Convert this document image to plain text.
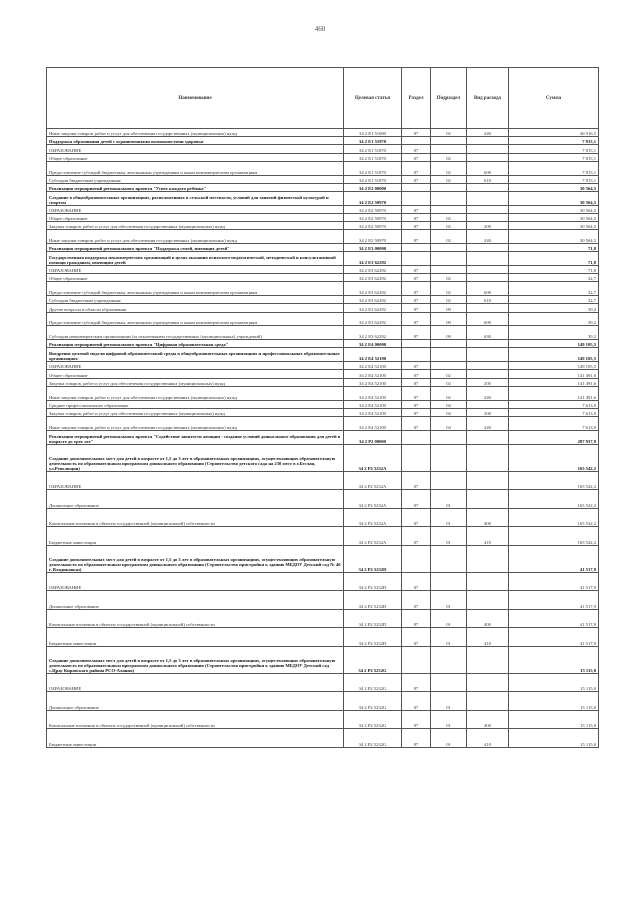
460
Наименование	Целевая статья	Раздел	Подраздел	Вид расхода	Сумма
Иные закупки товаров, работ и услуг для обеспечения государственных (муниципальных) нужд	34 2 Е1 51690	07	02	240	46 916,5
Поддержка образования детей с ограниченными возможностями здоровья	34 2 Е1 51870				7 815,1
ОБРАЗОВАНИЕ	34 2 Е1 51870	07			7 815,1
Общее образование	34 2 Е1 51870	07	02		7 815,1
Предоставление субсидий бюджетным, автономным учреждениям и иным некоммерческим организациям	34 2 Е1 51870	07	02	600	7 815,1
Субсидии бюджетным учреждениям	34 2 Е1 51870	07	02	610	7 815,1
Реализация мероприятий регионального проекта "Успех каждого ребенка"	34 2 Е2 00000				30 564,5
Создание в общеобразовательных организациях, расположенных в сельской местности, условий для занятий физической культурой и спортом	34 2 Е2 50970				30 564,5
ОБРАЗОВАНИЕ	34 2 Е2 50970	07			30 564,5
Общее образование	34 2 Е2 50970	07	02		30 564,5
Закупка товаров, работ и услуг для обеспечения государственных (муниципальных) нужд	34 2 Е2 50970	07	02	200	30 564,5
Иные закупки товаров, работ и услуг для обеспечения государственных (муниципальных) нужд	34 2 Е2 50970	07	02	240	30 564,5
Реализация мероприятий регионального проекта "Поддержка семей, имеющих детей"	34 2 Е3 00000				71,8
Государственная поддержка некоммерческих организаций в целях оказания психолого-педагогической, методической и консультативной помощи гражданам, имеющим детей	34 2 Е3 62292				71,8
ОБРАЗОВАНИЕ	34 2 Е3 62292	07			71,8
Общее образование	34 2 Е3 62292	07	02		32,7
Предоставление субсидий бюджетным, автономным учреждениям и иным некоммерческим организациям	34 2 Е3 62292	07	02	600	32,7
Субсидии бюджетным учреждениям	34 2 Е3 62292	07	02	610	32,7
Другие вопросы в области образования	34 2 Е3 62292	07	09		39,2
Предоставление субсидий бюджетным, автономным учреждениям и иным некоммерческим организациям	34 2 Е3 62292	07	09	600	39,2
Субсидии некоммерческим организациям (за исключением государственных (муниципальных) учреждений)	34 2 Е3 62292	07	09	630	39,2
Реализация мероприятий регионального проекта "Цифровая образовательная среда"	34 2 Е4 00000				149 105,5
Внедрение целевой модели цифровой образовательной среды в общеобразовательных организациях и профессиональных образовательных организациях	34 2 Е4 52100				149 105,5
ОБРАЗОВАНИЕ	34 2 Е4 52100	07			149 105,5
Общее образование	34 2 Е4 52100	07	02		141 491,6
Закупка товаров, работ и услуг для обеспечения государственных (муниципальных) нужд	34 2 Е4 52100	07	02	200	141 491,6
Иные закупки товаров, работ и услуг для обеспечения государственных (муниципальных) нужд	34 2 Е4 52100	07	02	240	141 491,6
Среднее профессиональное образование	34 2 Е4 52100	07	04		7 613,9
Закупка товаров, работ и услуг для обеспечения государственных (муниципальных) нужд	34 2 Е4 52100	07	04	200	7 613,9
Иные закупки товаров, работ и услуг для обеспечения государственных (муниципальных) нужд	34 2 Е4 52100	07	04	240	7 613,9
Реализация мероприятий регионального проекта "Содействие занятости женщин - создание условий дошкольного образования для детей в возрасте до трех лет"	34 2 Р2 00000				287 937,9
Создание дополнительных мест для детей в возрасте от 1,5 до 3 лет в образовательных организациях, осуществляющих образовательную деятельность по образовательным программам дошкольного образования (Строительство детского сада на 230 мест в г.Беслан, ул.Революции)	34 2 Р2 5232А				165 542,2
ОБРАЗОВАНИЕ	34 2 Р2 5232А	07			165 542,2
Дошкольное образование	34 2 Р2 5232А	07	01		165 542,2
Капитальные вложения в объекты государственной (муниципальной) собственности	34 2 Р2 5232А	07	01	400	165 542,2
Бюджетные инвестиции	34 2 Р2 5232А	07	01	410	165 542,2
Создание дополнительных мест для детей в возрасте от 1,5 до 3 лет в образовательных организациях, осуществляющих образовательную деятельность по образовательным программам дошкольного образования (Строительство пристройки к зданию МБДОУ Детский сад № 46 г. Владикавказ)	34 2 Р2 5232D				41 517,9
ОБРАЗОВАНИЕ	34 2 Р2 5232D	07			41 517,9
Дошкольное образование	34 2 Р2 5232D	07	01		41 517,9
Капитальные вложения в объекты государственной (муниципальной) собственности	34 2 Р2 5232D	07	01	400	41 517,9
Бюджетные инвестиции	34 2 Р2 5232D	07	01	410	41 517,9
Создание дополнительных мест для детей в возрасте от 1,5 до 3 лет в образовательных организациях, осуществляющих образовательную деятельность по образовательным программам дошкольного образования (Строительство пристройки к зданию МБДОУ Детский сад с.Црау Кировского района РСО-Алания)	34 2 Р2 5232G				15 115,0
ОБРАЗОВАНИЕ	34 2 Р2 5232G	07			15 115,0
Дошкольное образование	34 2 Р2 5232G	07	01		15 115,0
Капитальные вложения в объекты государственной (муниципальной) собственности	34 2 Р2 5232G	07	01	400	15 115,0
Бюджетные инвестиции	34 2 Р2 5232G	07	01	410	15 115,0
